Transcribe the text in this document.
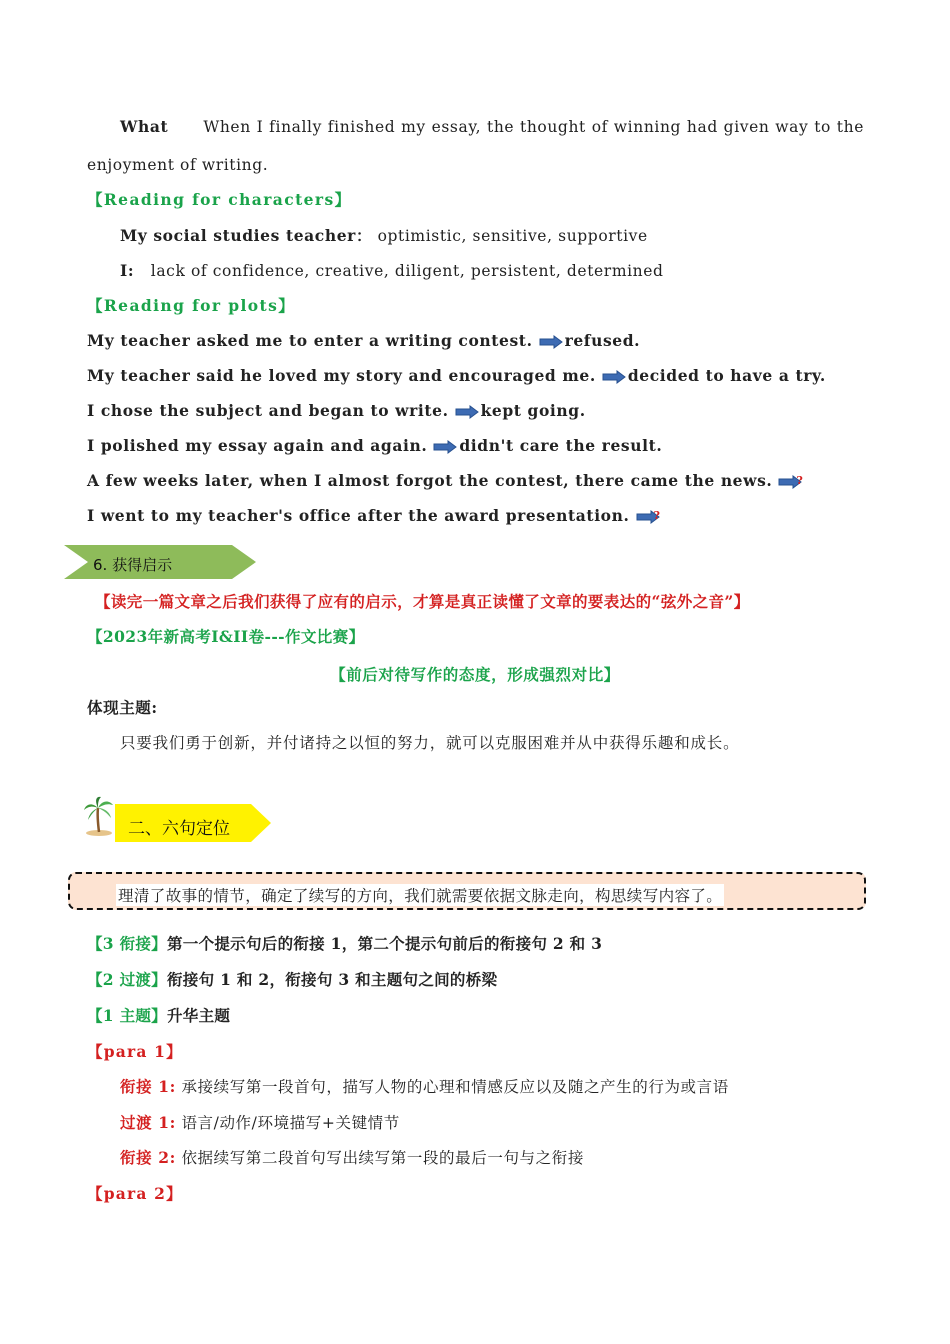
What When I finally finished my essay, the thought of winning had given way to the
enjoyment of writing.
【Reading for characters】
My social studies teacher： optimistic, sensitive, supportive
I: lack of confidence, creative, diligent, persistent, determined
【Reading for plots】
My teacher asked me to enter a writing contest. refused.
My teacher said he loved my story and encouraged me. decided to have a try.
I chose the subject and began to write. kept going.
I polished my essay again and again. didn't care the result.
A few weeks later, when I almost forgot the contest, there came the news. ?
I went to my teacher's office after the award presentation. ?
6. 获得启示
【读完一篇文章之后我们获得了应有的启示，才算是真正读懂了文章的要表达的“弦外之音”】
【2023年新高考I&II卷---作文比赛】
【前后对待写作的态度，形成强烈对比】
体现主题:
只要我们勇于创新，并付诸持之以恒的努力，就可以克服困难并从中获得乐趣和成长。
二、六句定位
理清了故事的情节，确定了续写的方向，我们就需要依据文脉走向，构思续写内容了。
【3 衔接】第一个提示句后的衔接 1，第二个提示句前后的衔接句 2 和 3
【2 过渡】衔接句 1 和 2，衔接句 3 和主题句之间的桥梁
【1 主题】升华主题
【para 1】
衔接 1: 承接续写第一段首句，描写人物的心理和情感反应以及随之产生的行为或言语
过渡 1: 语言/动作/环境描写+关键情节
衔接 2: 依据续写第二段首句写出续写第一段的最后一句与之衔接
【para 2】
